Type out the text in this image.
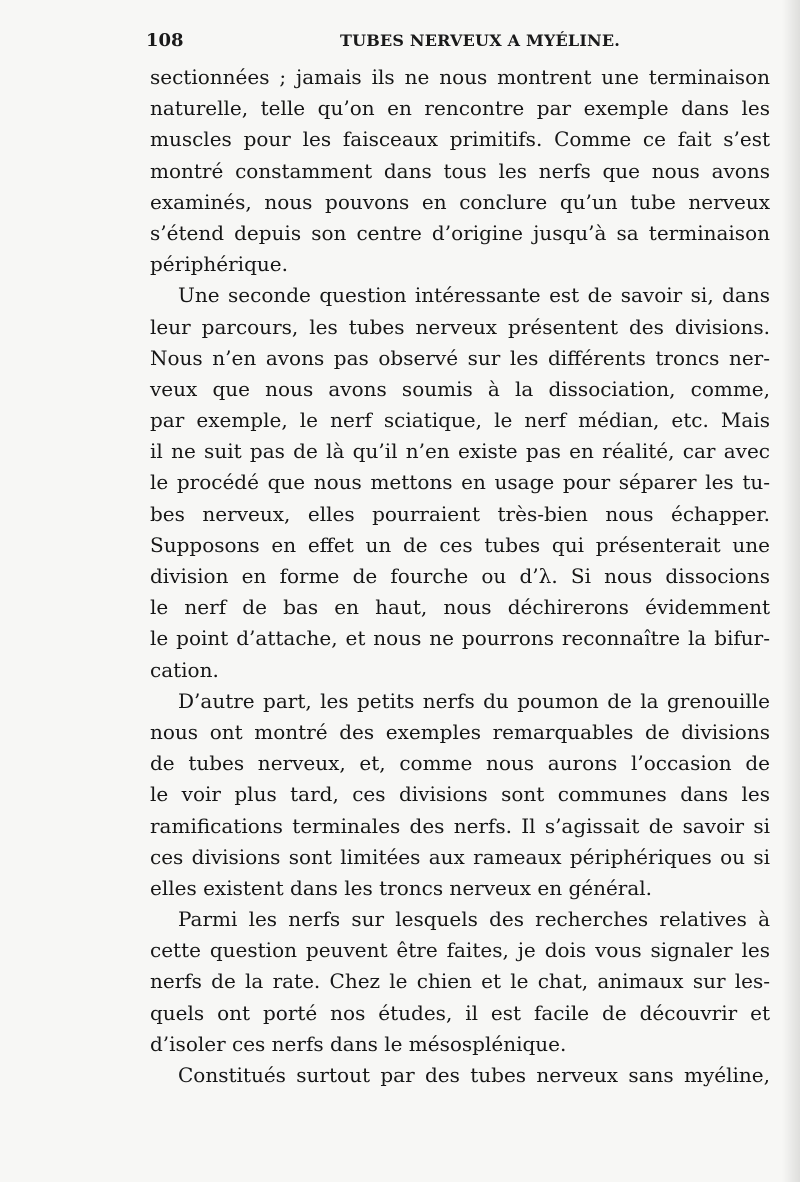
108	TUBES NERVEUX A MYÉLINE.
sectionnées ; jamais ils ne nous montrent une terminaison
naturelle, telle qu’on en rencontre par exemple dans les
muscles pour les faisceaux primitifs. Comme ce fait s’est
montré constamment dans tous les nerfs que nous avons
examinés, nous pouvons en conclure qu’un tube nerveux
s’étend depuis son centre d’origine jusqu’à sa terminaison
périphérique.
Une seconde question intéressante est de savoir si, dans
leur parcours, les tubes nerveux présentent des divisions.
Nous n’en avons pas observé sur les différents troncs ner-
veux que nous avons soumis à la dissociation, comme,
par exemple, le nerf sciatique, le nerf médian, etc. Mais
il ne suit pas de là qu’il n’en existe pas en réalité, car avec
le procédé que nous mettons en usage pour séparer les tu-
bes nerveux, elles pourraient très-bien nous échapper.
Supposons en effet un de ces tubes qui présenterait une
division en forme de fourche ou d’λ. Si nous dissocions
le nerf de bas en haut, nous déchirerons évidemment
le point d’attache, et nous ne pourrons reconnaître la bifur-
cation.
D’autre part, les petits nerfs du poumon de la grenouille
nous ont montré des exemples remarquables de divisions
de tubes nerveux, et, comme nous aurons l’occasion de
le voir plus tard, ces divisions sont communes dans les
ramifications terminales des nerfs. Il s’agissait de savoir si
ces divisions sont limitées aux rameaux périphériques ou si
elles existent dans les troncs nerveux en général.
Parmi les nerfs sur lesquels des recherches relatives à
cette question peuvent être faites, je dois vous signaler les
nerfs de la rate. Chez le chien et le chat, animaux sur les-
quels ont porté nos études, il est facile de découvrir et
d’isoler ces nerfs dans le mésosplénique.
Constitués surtout par des tubes nerveux sans myéline,
